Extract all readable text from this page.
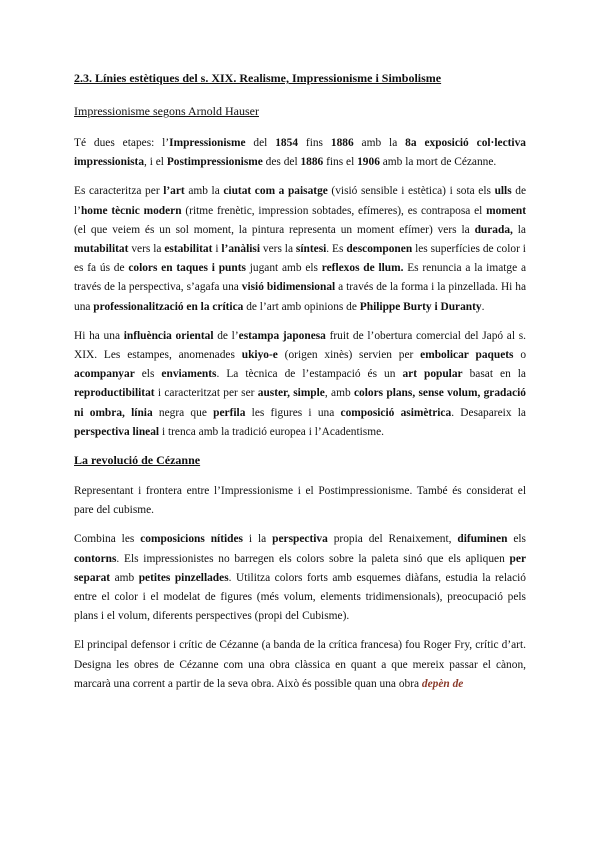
2.3. Línies estètiques del s. XIX. Realisme, Impressionisme i Simbolisme
Impressionisme segons Arnold Hauser

Té dues etapes: l’Impressionisme del 1854 fins 1886 amb la 8a exposició col·lectiva impressionista, i el Postimpressionisme des del 1886 fins el 1906 amb la mort de Cézanne.

Es caracteritza per l’art amb la ciutat com a paisatge (visió sensible i estètica) i sota els ulls de l’home tècnic modern (ritme frenètic, impression sobtades, efímeres), es contraposa el moment (el que veiem és un sol moment, la pintura representa un moment efímer) vers la durada, la mutabilitat vers la estabilitat i l’anàlisi vers la síntesi. Es descomponen les superfícies de color i es fa ús de colors en taques i punts jugant amb els reflexos de llum. Es renuncia a la imatge a través de la perspectiva, s’agafa una visió bidimensional a través de la forma i la pinzellada. Hi ha una professionalització en la crítica de l’art amb opinions de Philippe Burty i Duranty.

Hi ha una influència oriental de l’estampa japonesa fruit de l’obertura comercial del Japó al s. XIX. Les estampes, anomenades ukiyo-e (origen xinès) servien per embolicar paquets o acompanyar els enviaments. La tècnica de l’estampació és un art popular basat en la reproductibilitat i caracteritzat per ser auster, simple, amb colors plans, sense volum, gradació ni ombra, línia negra que perfila les figures i una composició asimètrica. Desapareix la perspectiva lineal i trenca amb la tradició europea i l’Acadentisme.

La revolució de Cézanne

Representant i frontera entre l’Impressionisme i el Postimpressionisme. També és considerat el pare del cubisme.

Combina les composicions nítides i la perspectiva propia del Renaixement, difuminen els contorns. Els impressionistes no barregen els colors sobre la paleta sinó que els apliquen per separat amb petites pinzellades. Utilitza colors forts amb esquemes diàfans, estudia la relació entre el color i el modelat de figures (més volum, elements tridimensionals), preocupació pels plans i el volum, diferents perspectives (propi del Cubisme).

El principal defensor i crític de Cézanne (a banda de la crítica francesa) fou Roger Fry, crític d’art. Designa les obres de Cézanne com una obra clàssica en quant a que mereix passar el cànon, marcarà una corrent a partir de la seva obra. Això és possible quan una obra depèn de
